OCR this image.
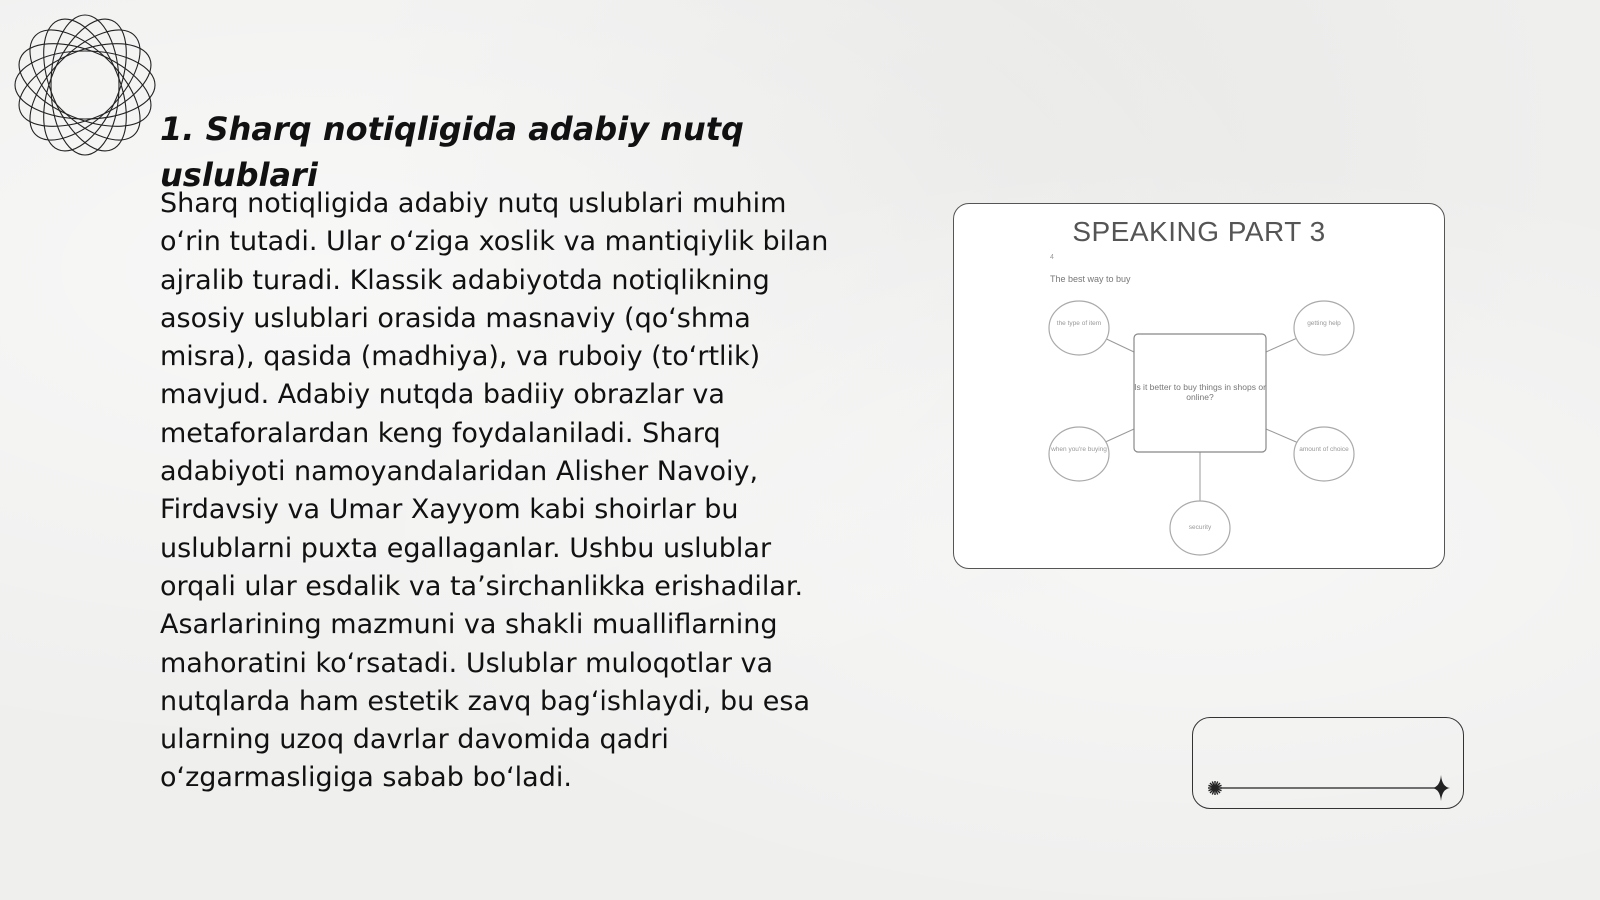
1. Sharq notiqligida adabiy nutq uslublari

Sharq notiqligida adabiy nutq uslublari muhim o‘rin tutadi. Ular o‘ziga xoslik va mantiqiylik bilan ajralib turadi. Klassik adabiyotda notiqlikning asosiy uslublari orasida masnaviy (qo‘shma misra), qasida (madhiya), va ruboiy (to‘rtlik) mavjud. Adabiy nutqda badiiy obrazlar va metaforalardan keng foydalaniladi. Sharq adabiyoti namoyandalaridan Alisher Navoiy, Firdavsiy va Umar Xayyom kabi shoirlar bu uslublarni puxta egallaganlar. Ushbu uslublar orqali ular esdalik va ta’sirchanlikka erishadilar. Asarlarining mazmuni va shakli mualliflarning mahoratini ko‘rsatadi. Uslublar muloqotlar va nutqlarda ham estetik zavq bag‘ishlaydi, bu esa ularning uzoq davrlar davomida qadri o‘zgarmasligiga sabab bo‘ladi.

SPEAKING PART 3
4
The best way to buy
Is it better to buy things in shops or online?
the type of item	getting help
when you're buying	amount of choice
security
